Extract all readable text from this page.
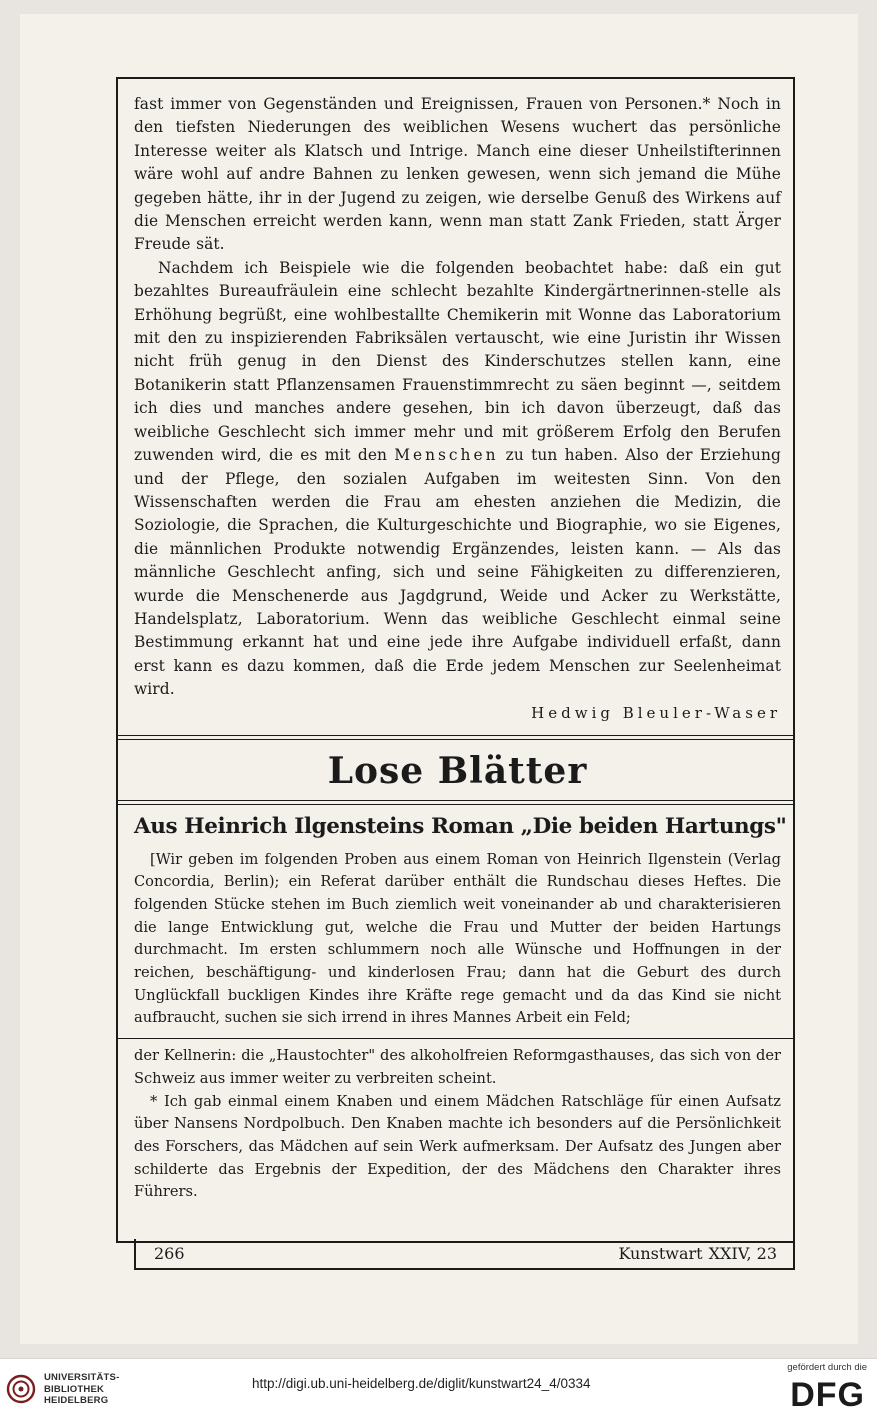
fast immer von Gegenständen und Ereignissen, Frauen von Personen.* Noch in den tiefsten Niederungen des weiblichen Wesens wuchert das persönliche Interesse weiter als Klatsch und Intrige. Manch eine dieser Unheilstifterinnen wäre wohl auf andre Bahnen zu lenken gewesen, wenn sich jemand die Mühe gegeben hätte, ihr in der Jugend zu zeigen, wie derselbe Genuß des Wirkens auf die Menschen erreicht werden kann, wenn man statt Zank Frieden, statt Ärger Freude sät.

Nachdem ich Beispiele wie die folgenden beobachtet habe: daß ein gut bezahltes Bureaufräulein eine schlecht bezahlte Kindergärtnerinnen-stelle als Erhöhung begrüßt, eine wohlbestallte Chemikerin mit Wonne das Laboratorium mit den zu inspizierenden Fabriksälen vertauscht, wie eine Juristin ihr Wissen nicht früh genug in den Dienst des Kinderschutzes stellen kann, eine Botanikerin statt Pflanzensamen Frauenstimmrecht zu säen beginnt —, seitdem ich dies und manches andere gesehen, bin ich davon überzeugt, daß das weibliche Geschlecht sich immer mehr und mit größerem Erfolg den Berufen zuwenden wird, die es mit den Menschen zu tun haben. Also der Erziehung und der Pflege, den sozialen Aufgaben im weitesten Sinn. Von den Wissenschaften werden die Frau am ehesten anziehen die Medizin, die Soziologie, die Sprachen, die Kulturgeschichte und Biographie, wo sie Eigenes, die männlichen Produkte notwendig Ergänzendes, leisten kann. — Als das männliche Geschlecht anfing, sich und seine Fähigkeiten zu differenzieren, wurde die Menschenerde aus Jagdgrund, Weide und Acker zu Werkstätte, Handelsplatz, Laboratorium. Wenn das weibliche Geschlecht einmal seine Bestimmung erkannt hat und eine jede ihre Aufgabe individuell erfaßt, dann erst kann es dazu kommen, daß die Erde jedem Menschen zur Seelenheimat wird.

Hedwig Bleuler-Waser

Lose Blätter
Aus Heinrich Ilgensteins Roman „Die beiden Hartungs"

[Wir geben im folgenden Proben aus einem Roman von Heinrich Ilgenstein (Verlag Concordia, Berlin); ein Referat darüber enthält die Rundschau dieses Heftes. Die folgenden Stücke stehen im Buch ziemlich weit voneinander ab und charakterisieren die lange Entwicklung gut, welche die Frau und Mutter der beiden Hartungs durchmacht. Im ersten schlummern noch alle Wünsche und Hoffnungen in der reichen, beschäftigung- und kinderlosen Frau; dann hat die Geburt des durch Unglückfall buckligen Kindes ihre Kräfte rege gemacht und da das Kind sie nicht aufbraucht, suchen sie sich irrend in ihres Mannes Arbeit ein Feld;

der Kellnerin: die „Haustochter" des alkoholfreien Reformgasthauses, das sich von der Schweiz aus immer weiter zu verbreiten scheint.

* Ich gab einmal einem Knaben und einem Mädchen Ratschläge für einen Aufsatz über Nansens Nordpolbuch. Den Knaben machte ich besonders auf die Persönlichkeit des Forschers, das Mädchen auf sein Werk aufmerksam. Der Aufsatz des Jungen aber schilderte das Ergebnis der Expedition, der des Mädchens den Charakter ihres Führers.

266	Kunstwart XXIV, 23
UNIVERSITÄTS-
BIBLIOTHEK
HEIDELBERG
http://digi.ub.uni-heidelberg.de/diglit/kunstwart24_4/0334
gefördert durch die
DFG
